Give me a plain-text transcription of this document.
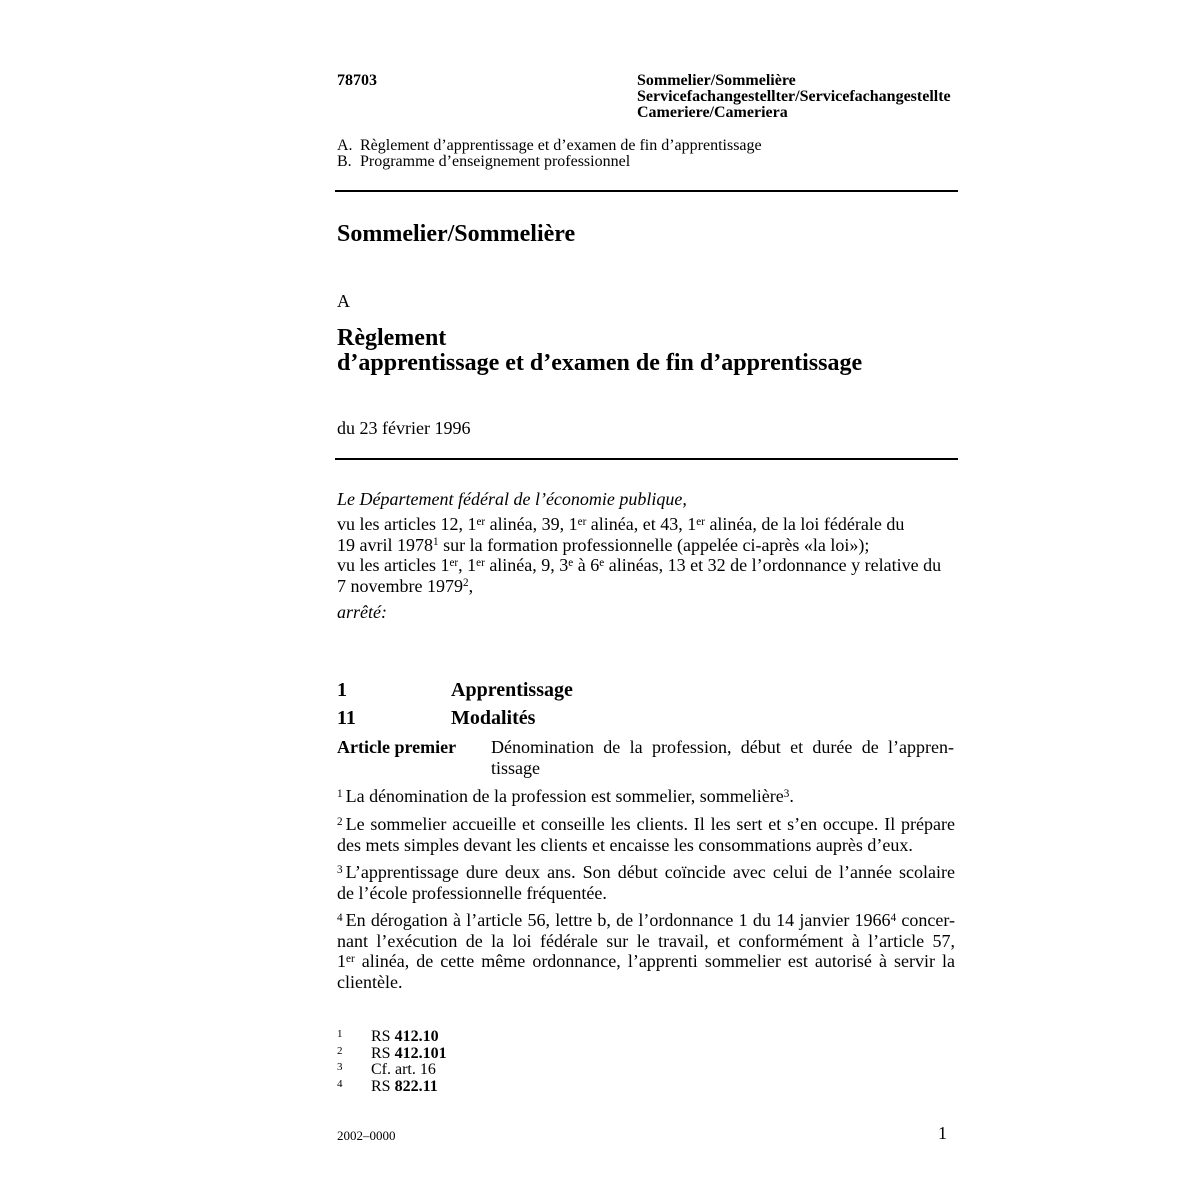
78703	Sommelier/Sommelière
Servicefachangestellter/Servicefachangestellte
Cameriere/Cameriera
A. Règlement d’apprentissage et d’examen de fin d’apprentissage
B. Programme d’enseignement professionnel
Sommelier/Sommelière
A
Règlement
d’apprentissage et d’examen de fin d’apprentissage
du 23 février 1996
Le Département fédéral de l’économie publique,
vu les articles 12, 1er alinéa, 39, 1er alinéa, et 43, 1er alinéa, de la loi fédérale du
19 avril 1978$^1$ sur la formation professionnelle (appelée ci-après «la loi»);
vu les articles 1er, 1er alinéa, 9, 3e à 6e alinéas, 13 et 32 de l’ordonnance y relative du
7 novembre 1979$^2$,
arrêté:
1	Apprentissage
11	Modalités
Article premier	Dénomination de la profession, début et durée de l’appren-
tissage
$^1$ La dénomination de la profession est sommelier, sommelière$^3$.
$^2$ Le sommelier accueille et conseille les clients. Il les sert et s’en occupe. Il prépare
des mets simples devant les clients et encaisse les consommations auprès d’eux.
$^3$ L’apprentissage dure deux ans. Son début coïncide avec celui de l’année scolaire
de l’école professionnelle fréquentée.
$^4$ En dérogation à l’article 56, lettre b, de l’ordonnance 1 du 14 janvier 1966$^4$ concer-
nant l’exécution de la loi fédérale sur le travail, et conformément à l’article 57,
1er alinéa, de cette même ordonnance, l’apprenti sommelier est autorisé à servir la
clientèle.
1	RS 412.10
2	RS 412.101
3	Cf. art. 16
4	RS 822.11
2002–0000	1
